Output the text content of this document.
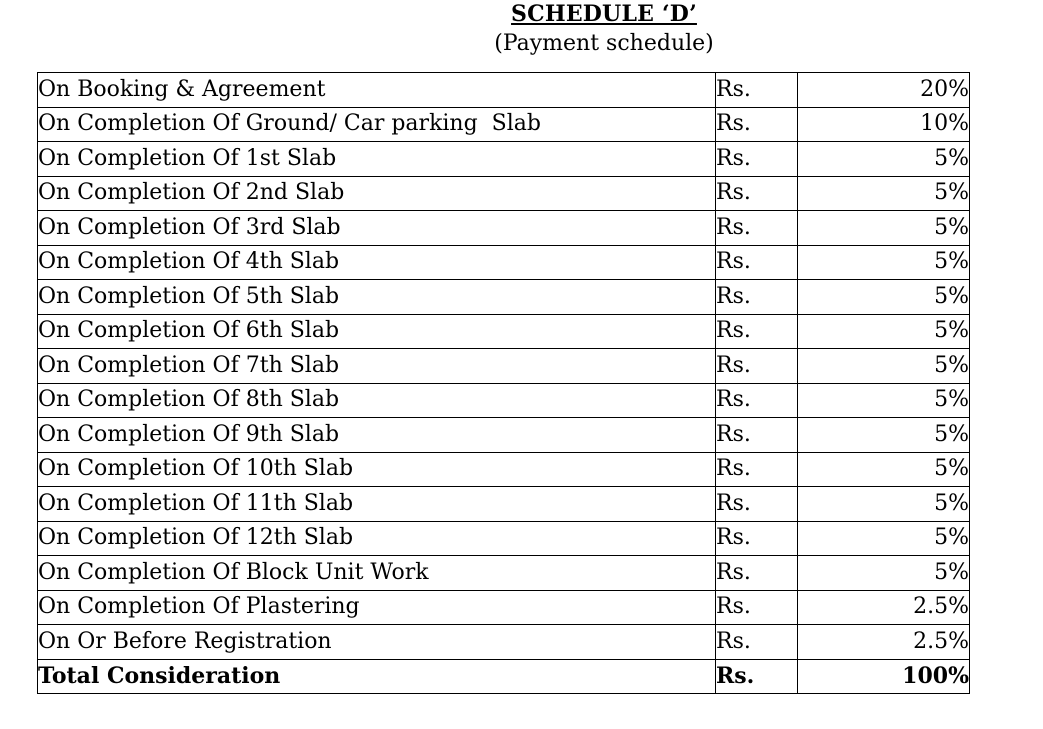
SCHEDULE ‘D’
(Payment schedule)
On Booking & Agreement	Rs.	20%
On Completion Of Ground/ Car parking  Slab	Rs.	10%
On Completion Of 1st Slab	Rs.	5%
On Completion Of 2nd Slab	Rs.	5%
On Completion Of 3rd Slab	Rs.	5%
On Completion Of 4th Slab	Rs.	5%
On Completion Of 5th Slab	Rs.	5%
On Completion Of 6th Slab	Rs.	5%
On Completion Of 7th Slab	Rs.	5%
On Completion Of 8th Slab	Rs.	5%
On Completion Of 9th Slab	Rs.	5%
On Completion Of 10th Slab	Rs.	5%
On Completion Of 11th Slab	Rs.	5%
On Completion Of 12th Slab	Rs.	5%
On Completion Of Block Unit Work	Rs.	5%
On Completion Of Plastering	Rs.	2.5%
On Or Before Registration	Rs.	2.5%
Total Consideration	Rs.	100%
